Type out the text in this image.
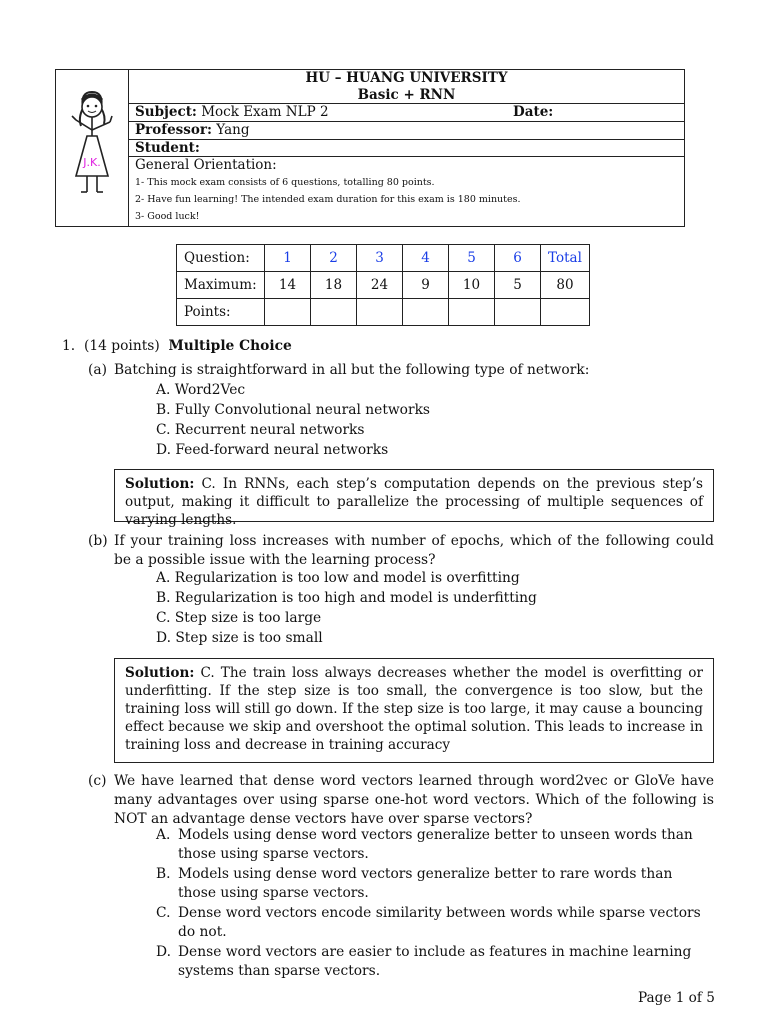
J.K.
HU – HUANG UNIVERSITY
Basic + RNN
Subject: Mock Exam NLP 2	Date:
Professor: Yang
Student:
General Orientation:
1- This mock exam consists of 6 questions, totalling 80 points.
2- Have fun learning! The intended exam duration for this exam is 180 minutes.
3- Good luck!
Question:	1	2	3	4	5	6	Total
Maximum:	14	18	24	9	10	5	80
Points:							
1. (14 points) Multiple Choice
(a) Batching is straightforward in all but the following type of network:
A. Word2Vec
B. Fully Convolutional neural networks
C. Recurrent neural networks
D. Feed-forward neural networks
Solution: C. In RNNs, each step’s computation depends on the previous step’s output, making it difficult to parallelize the processing of multiple sequences of varying lengths.
(b) If your training loss increases with number of epochs, which of the following could be a possible issue with the learning process?
A. Regularization is too low and model is overfitting
B. Regularization is too high and model is underfitting
C. Step size is too large
D. Step size is too small
Solution: C. The train loss always decreases whether the model is overfitting or underfitting. If the step size is too small, the convergence is too slow, but the training loss will still go down. If the step size is too large, it may cause a bouncing effect because we skip and overshoot the optimal solution. This leads to increase in training loss and decrease in training accuracy
(c) We have learned that dense word vectors learned through word2vec or GloVe have many advantages over using sparse one-hot word vectors. Which of the following is NOT an advantage dense vectors have over sparse vectors?
A. Models using dense word vectors generalize better to unseen words than those using sparse vectors.
B. Models using dense word vectors generalize better to rare words than those using sparse vectors.
C. Dense word vectors encode similarity between words while sparse vectors do not.
D. Dense word vectors are easier to include as features in machine learning systems than sparse vectors.
Page 1 of 5
